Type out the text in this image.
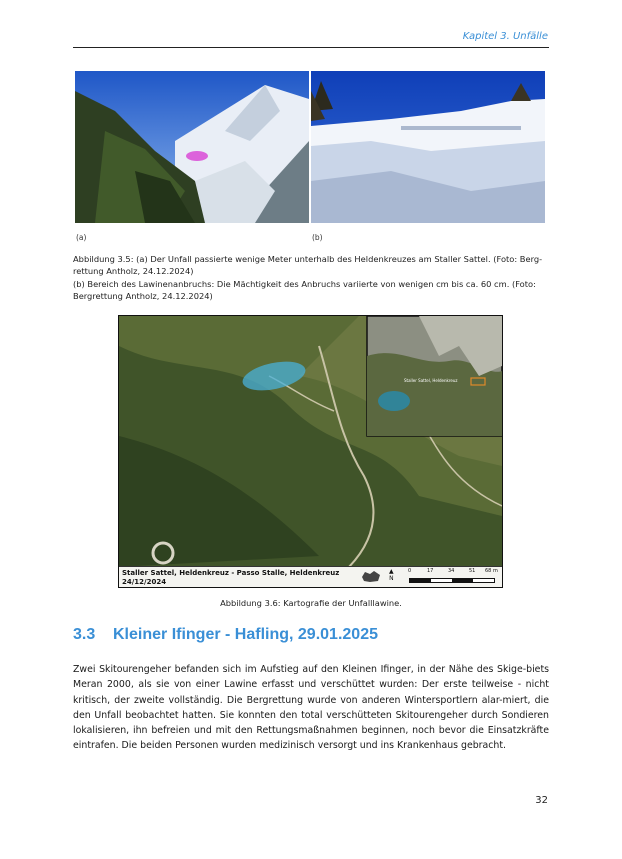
Kapitel 3. Unfälle
(a)	(b)

Abbildung 3.5: (a) Der Unfall passierte wenige Meter unterhalb des Heldenkreuzes am Staller Sattel. (Foto: Berg-rettung Antholz, 24.12.2024)

(b) Bereich des Lawinenanbruchs: Die Mächtigkeit des Anbruchs variierte von wenigen cm bis ca. 60 cm. (Foto: Bergrettung Antholz, 24.12.2024)

Staller Sattel, Heldenkreuz
Staller Sattel, Heldenkreuz - Passo Stalle, Heldenkreuz
24/12/2024
▲
N
0	17	34	51 68 m
Abbildung 3.6: Kartografie der Unfalllawine.
3.3 Kleiner Ifinger - Hafling, 29.01.2025

Zwei Skitourengeher befanden sich im Aufstieg auf den Kleinen Ifinger, in der Nähe des Skige-biets Meran 2000, als sie von einer Lawine erfasst und verschüttet wurden: Der erste teilweise - nicht kritisch, der zweite vollständig. Die Bergrettung wurde von anderen Wintersportlern alar-miert, die den Unfall beobachtet hatten. Sie konnten den total verschütteten Skitourengeher durch Sondieren lokalisieren, ihn befreien und mit den Rettungsmaßnahmen beginnen, noch bevor die Einsatzkräfte eintrafen. Die beiden Personen wurden medizinisch versorgt und ins Krankenhaus gebracht.

32
